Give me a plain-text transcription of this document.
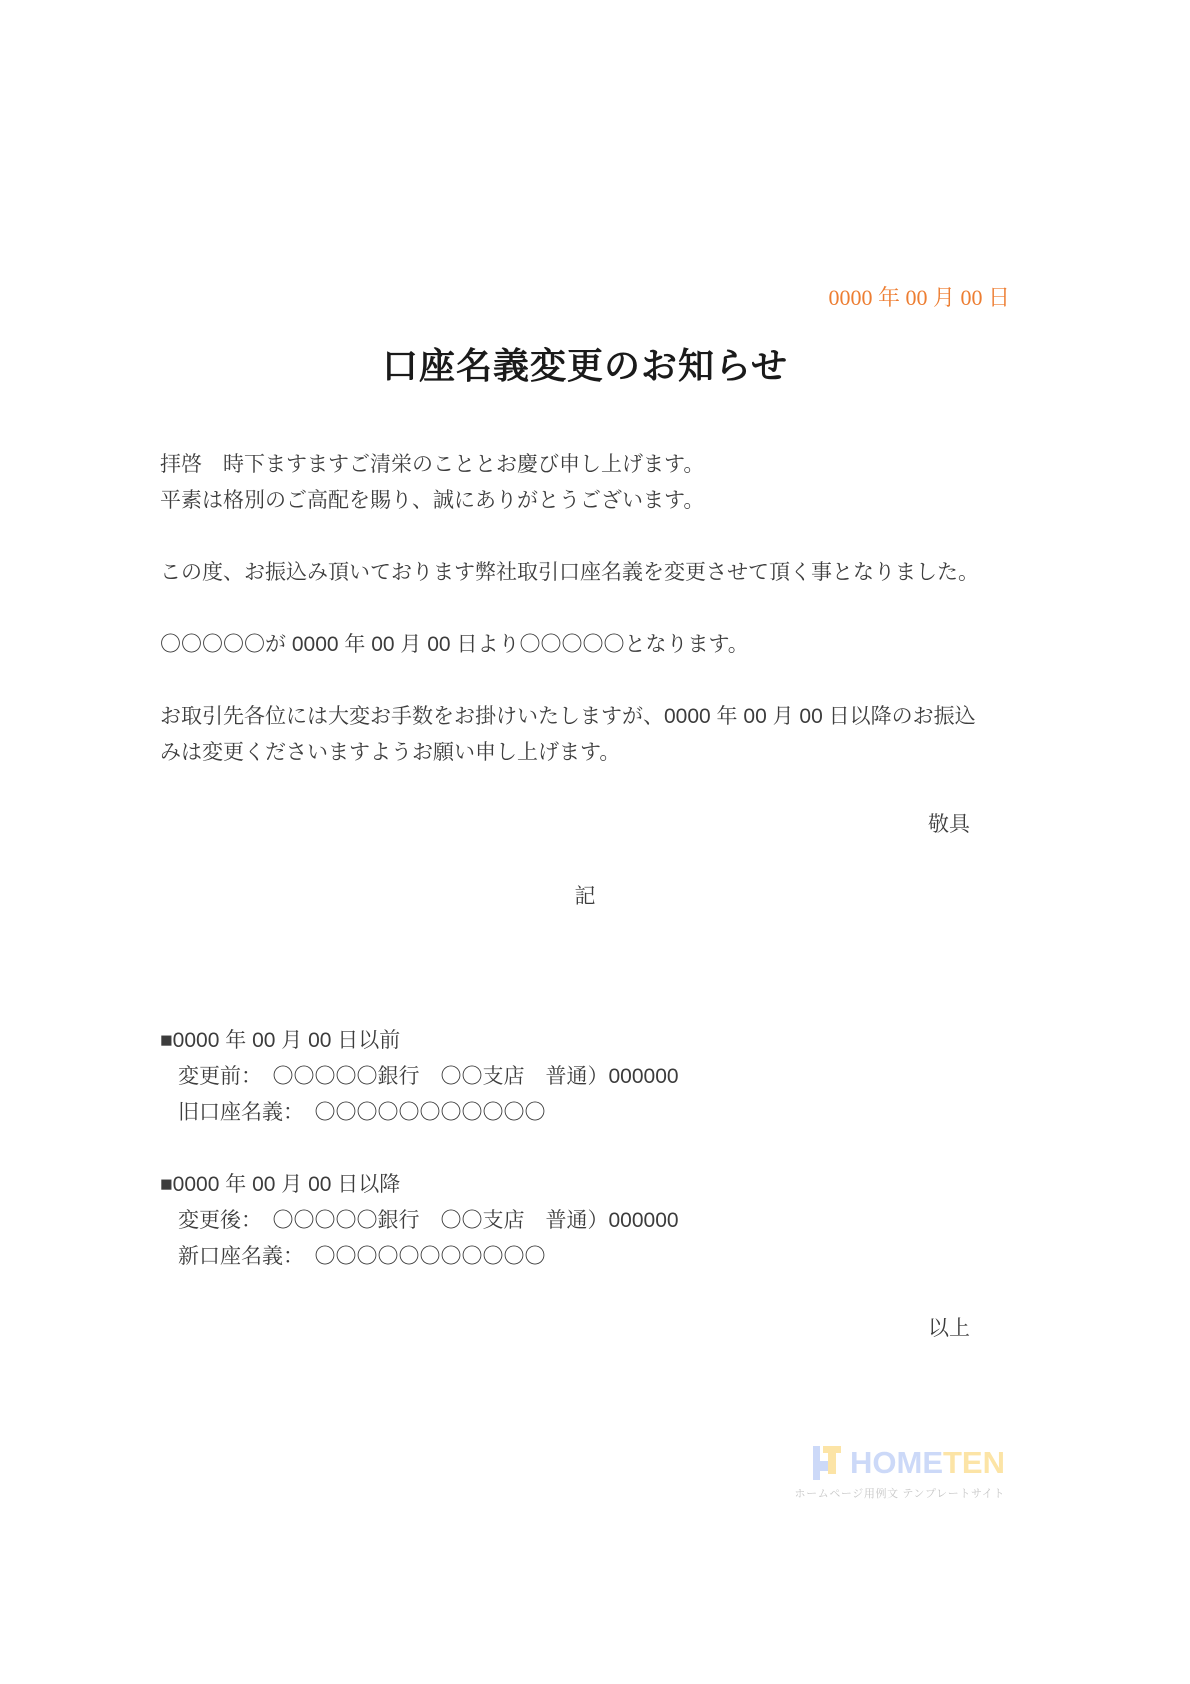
0000 年 00 月 00 日
口座名義変更のお知らせ
拝啓　時下ますますご清栄のこととお慶び申し上げます。
平素は格別のご高配を賜り、誠にありがとうございます。
この度、お振込み頂いております弊社取引口座名義を変更させて頂く事となりました。
〇〇〇〇〇が 0000 年 00 月 00 日より〇〇〇〇〇となります。
お取引先各位には大変お手数をお掛けいたしますが、0000 年 00 月 00 日以降のお振込
みは変更くださいますようお願い申し上げます。
敬具
記
■0000 年 00 月 00 日以前
変更前：　〇〇〇〇〇銀行　〇〇支店　普通）000000
旧口座名義：　〇〇〇〇〇〇〇〇〇〇〇
■0000 年 00 月 00 日以降
変更後：　〇〇〇〇〇銀行　〇〇支店　普通）000000
新口座名義：　〇〇〇〇〇〇〇〇〇〇〇
以上
HOMETEN
ホームページ用例文 テンプレートサイト
